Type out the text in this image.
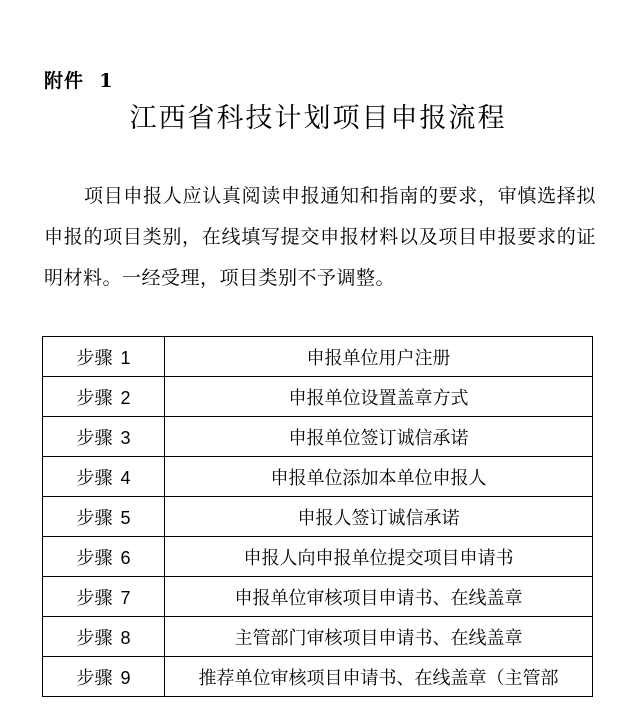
附件  1
江西省科技计划项目申报流程

项目申报人应认真阅读申报通知和指南的要求，审慎选择拟申报的项目类别，在线填写提交申报材料以及项目申报要求的证明材料。一经受理，项目类别不予调整。

步骤 1	申报单位用户注册
步骤 2	申报单位设置盖章方式
步骤 3	申报单位签订诚信承诺
步骤 4	申报单位添加本单位申报人
步骤 5	申报人签订诚信承诺
步骤 6	申报人向申报单位提交项目申请书
步骤 7	申报单位审核项目申请书、在线盖章
步骤 8	主管部门审核项目申请书、在线盖章
步骤 9	推荐单位审核项目申请书、在线盖章（主管部
